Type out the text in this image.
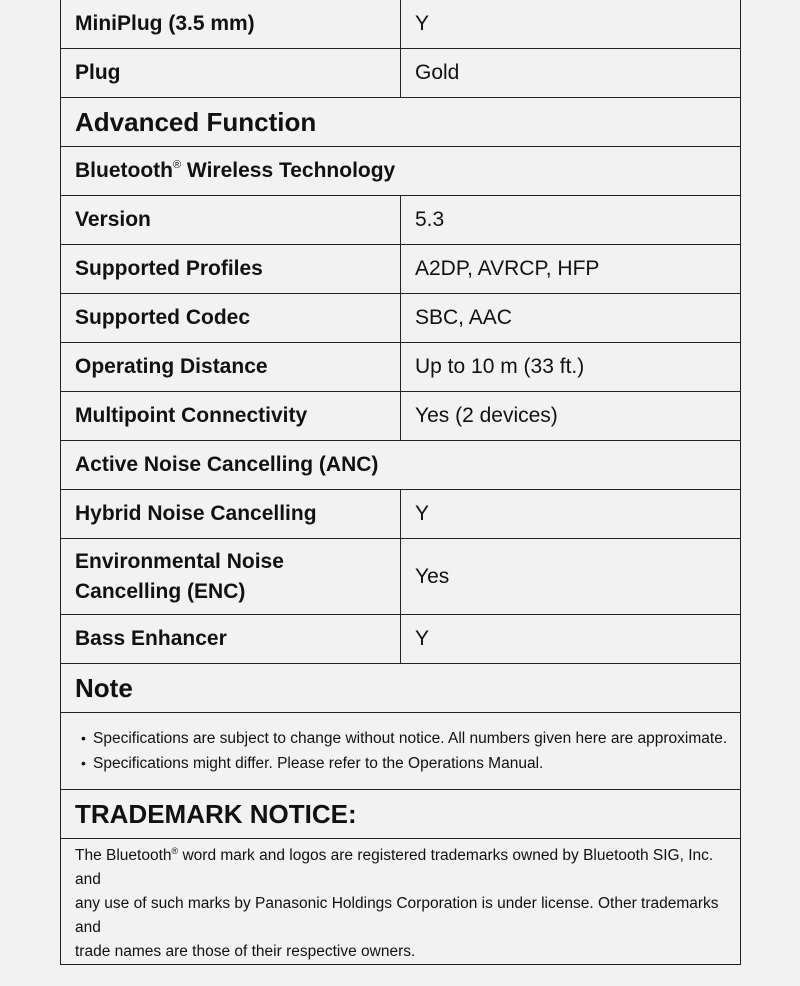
MiniPlug (3.5 mm)	Y
Plug	Gold
Advanced Function	
Bluetooth® Wireless Technology	
Version	5.3
Supported Profiles	A2DP, AVRCP, HFP
Supported Codec	SBC, AAC
Operating Distance	Up to 10 m (33 ft.)
Multipoint Connectivity	Yes (2 devices)
Active Noise Cancelling (ANC)	
Hybrid Noise Cancelling	Y

Environmental Noise
Cancelling (ENC)	Yes
Bass Enhancer	Y
Note	

• Specifications are subject to change without notice. All numbers given here are approximate.
• Specifications might differ. Please refer to the Operations Manual.	

TRADEMARK NOTICE:	

The Bluetooth® word mark and logos are registered trademarks owned by Bluetooth SIG, Inc. and
any use of such marks by Panasonic Holdings Corporation is under license. Other trademarks and
trade names are those of their respective owners.	
